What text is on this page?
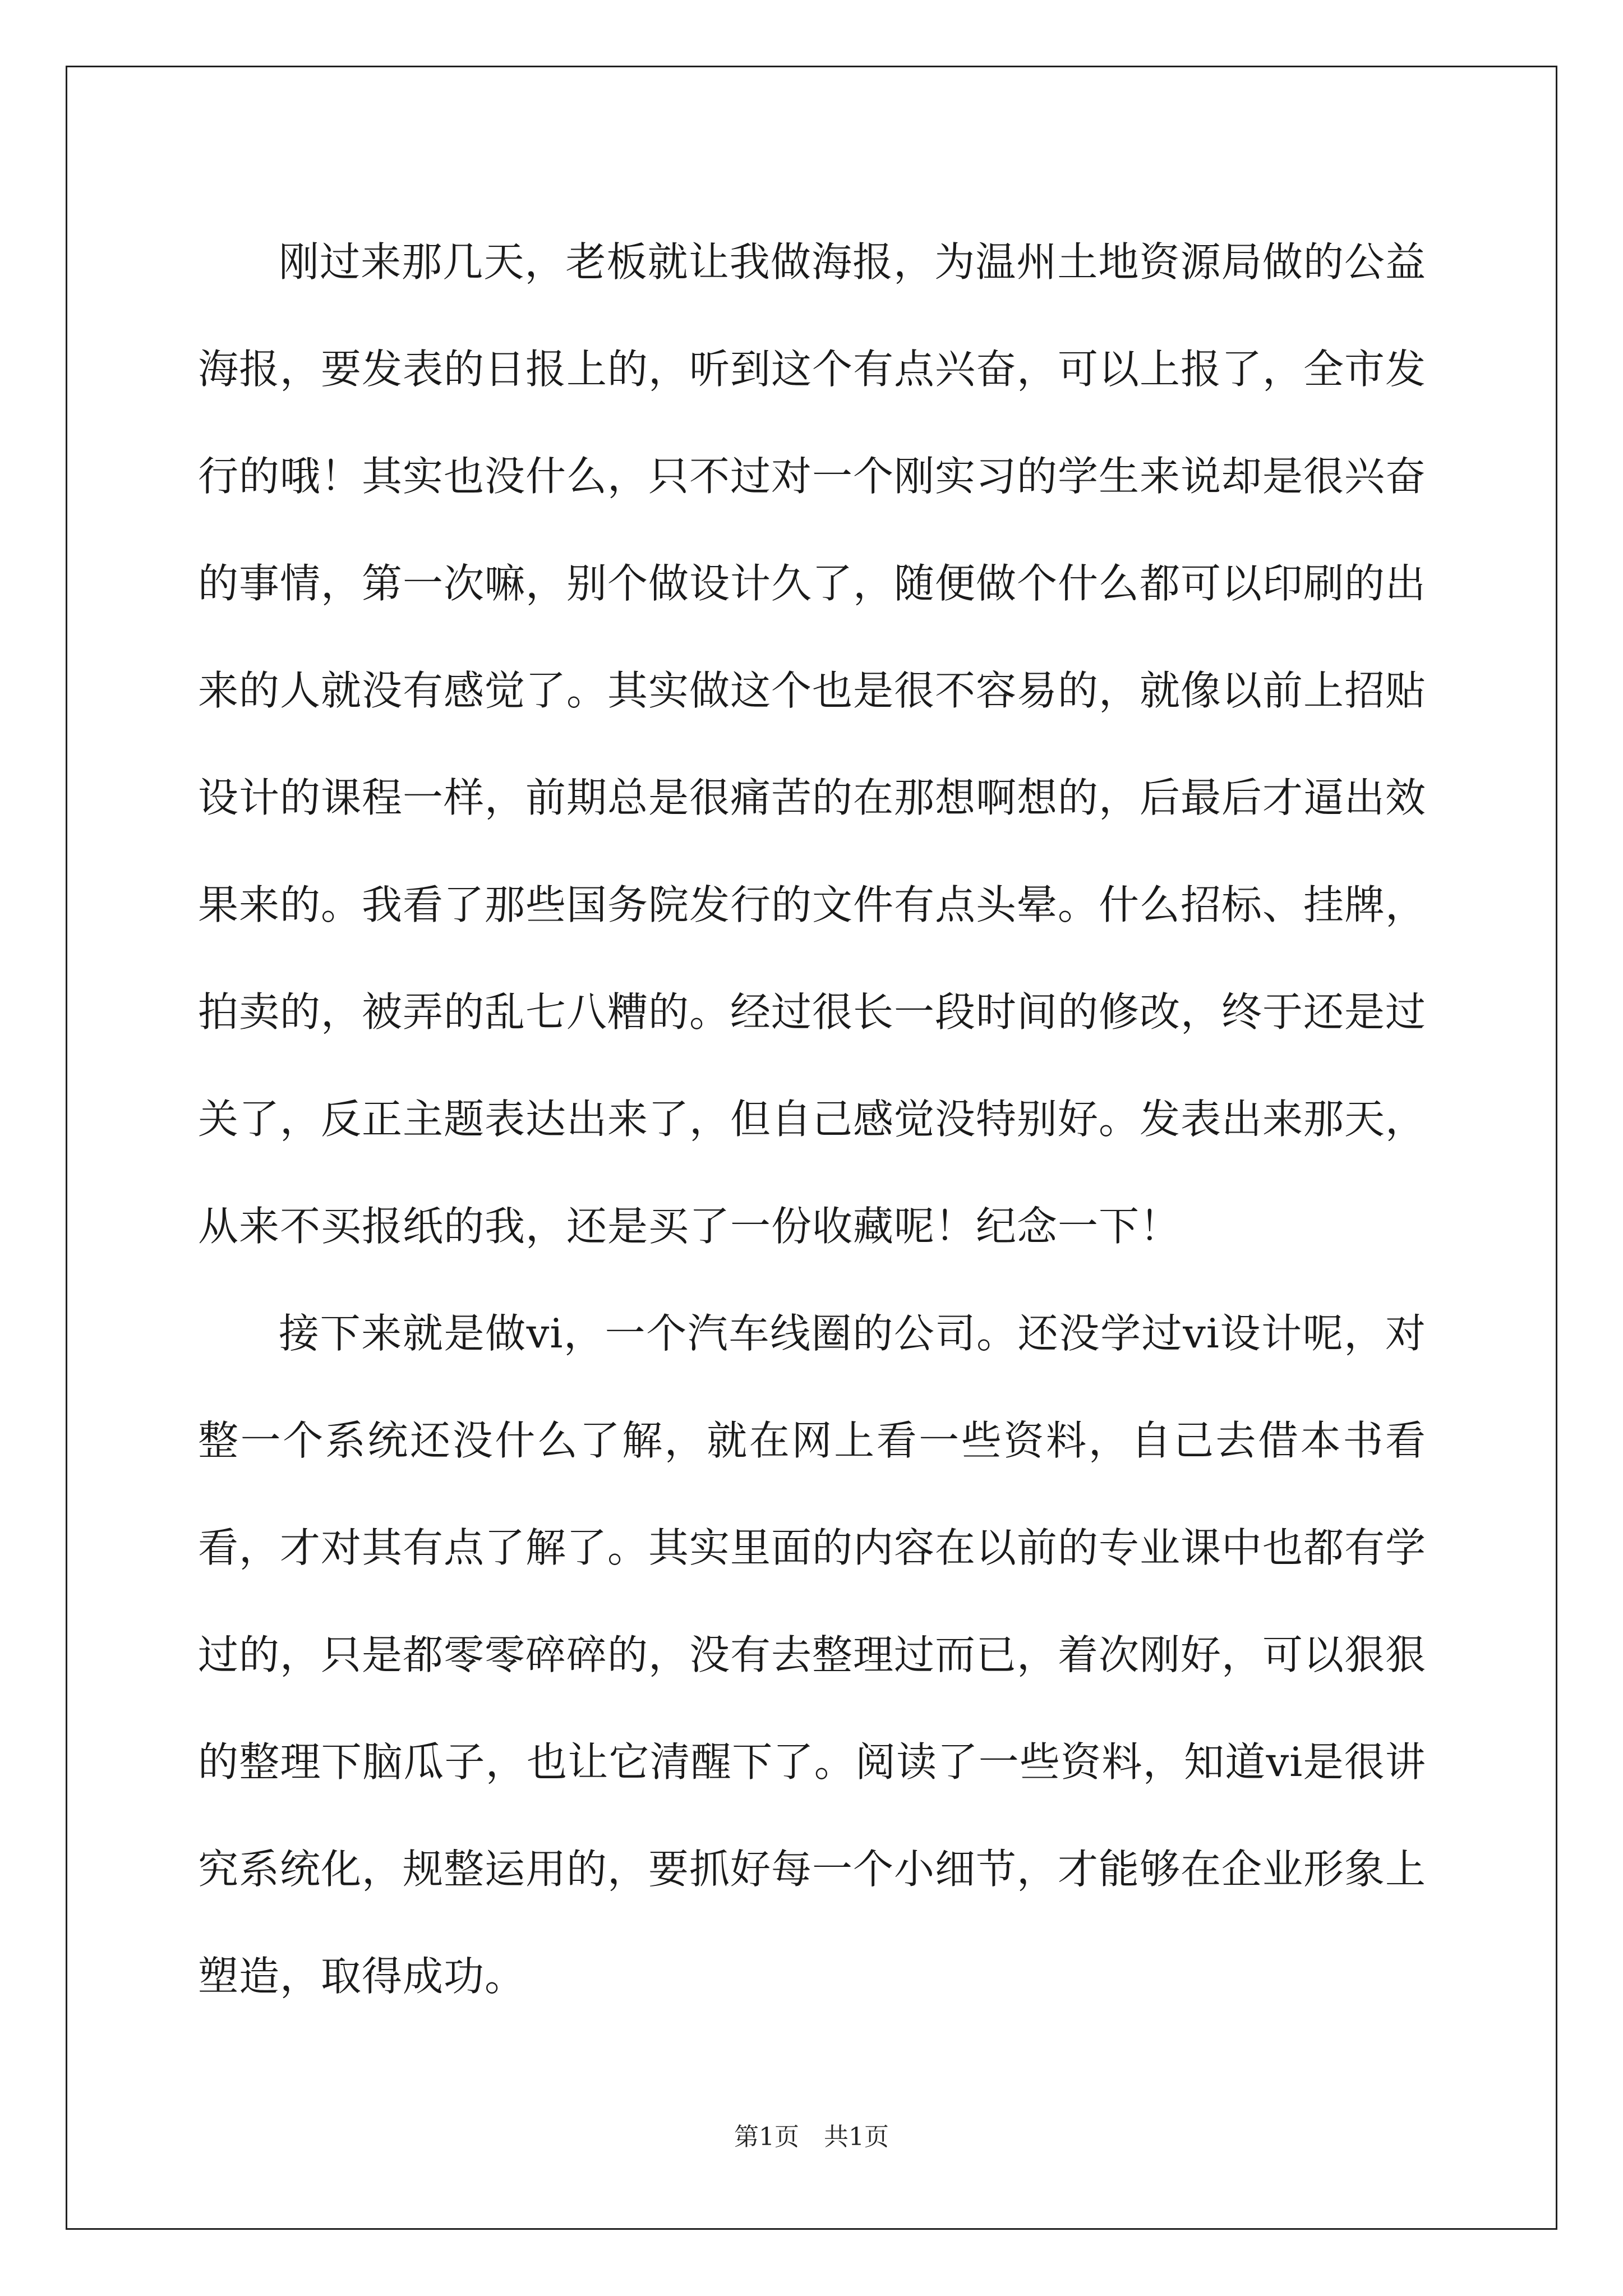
刚过来那几天，老板就让我做海报，为温州土地资源局做的公益海报，要发表的日报上的，听到这个有点兴奋，可以上报了，全市发行的哦！其实也没什么，只不过对一个刚实习的学生来说却是很兴奋的事情，第一次嘛，别个做设计久了，随便做个什么都可以印刷的出来的人就没有感觉了。其实做这个也是很不容易的，就像以前上招贴设计的课程一样，前期总是很痛苦的在那想啊想的，后最后才逼出效果来的。我看了那些国务院发行的文件有点头晕。什么招标、挂牌，拍卖的，被弄的乱七八糟的。经过很长一段时间的修改，终于还是过关了，反正主题表达出来了，但自己感觉没特别好。发表出来那天，从来不买报纸的我，还是买了一份收藏呢！纪念一下！

接下来就是做vi，一个汽车线圈的公司。还没学过vi设计呢，对整一个系统还没什么了解，就在网上看一些资料，自己去借本书看看，才对其有点了解了。其实里面的内容在以前的专业课中也都有学过的，只是都零零碎碎的，没有去整理过而已，着次刚好，可以狠狠的整理下脑瓜子，也让它清醒下了。阅读了一些资料，知道vi是很讲究系统化，规整运用的，要抓好每一个小细节，才能够在企业形象上塑造，取得成功。

第1页　共1页
